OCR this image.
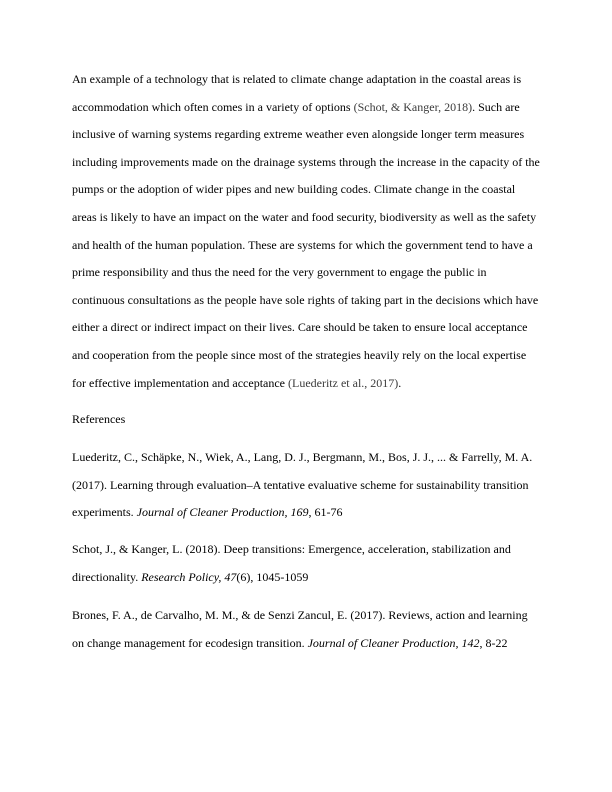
An example of a technology that is related to climate change adaptation in the coastal areas is
accommodation which often comes in a variety of options (Schot, & Kanger, 2018). Such are
inclusive of warning systems regarding extreme weather even alongside longer term measures
including improvements made on the drainage systems through the increase in the capacity of the
pumps or the adoption of wider pipes and new building codes. Climate change in the coastal
areas is likely to have an impact on the water and food security, biodiversity as well as the safety
and health of the human population. These are systems for which the government tend to have a
prime responsibility and thus the need for the very government to engage the public in
continuous consultations as the people have sole rights of taking part in the decisions which have
either a direct or indirect impact on their lives. Care should be taken to ensure local acceptance
and cooperation from the people since most of the strategies heavily rely on the local expertise
for effective implementation and acceptance (Luederitz et al., 2017).
References
Luederitz, C., Schäpke, N., Wiek, A., Lang, D. J., Bergmann, M., Bos, J. J., ... & Farrelly, M. A.
(2017). Learning through evaluation–A tentative evaluative scheme for sustainability transition
experiments. Journal of Cleaner Production, 169, 61-76
Schot, J., & Kanger, L. (2018). Deep transitions: Emergence, acceleration, stabilization and
directionality. Research Policy, 47(6), 1045-1059
Brones, F. A., de Carvalho, M. M., & de Senzi Zancul, E. (2017). Reviews, action and learning
on change management for ecodesign transition. Journal of Cleaner Production, 142, 8-22
